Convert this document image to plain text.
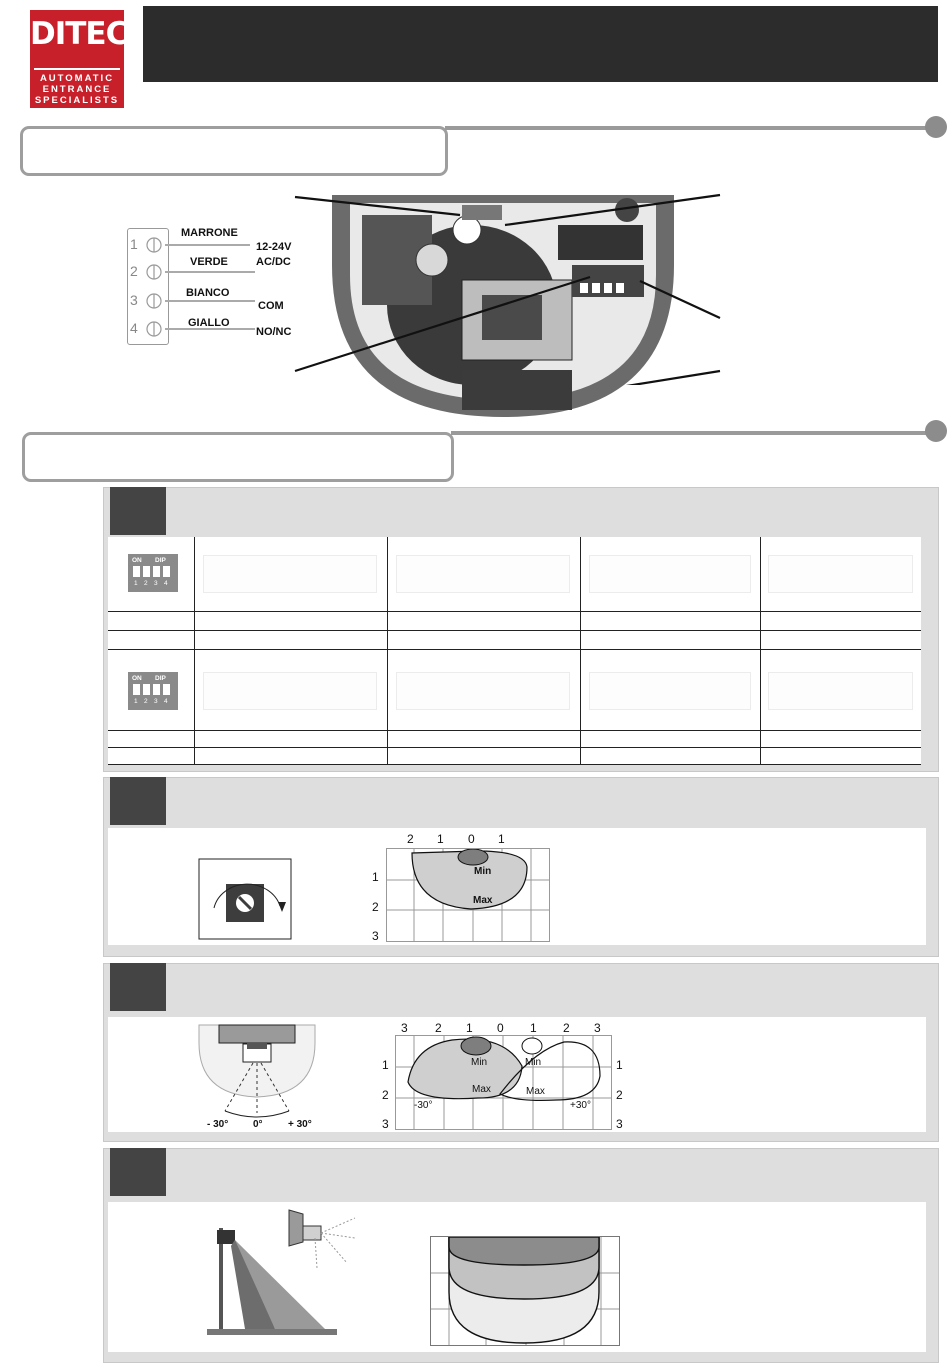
DITEC
AUTOMATIC
ENTRANCE
SPECIALISTS
1
2
3
4
MARRONE
VERDE
BIANCO
GIALLO
12-24V
AC/DC
COM
NO/NC
ON DIP
1 2 3 4
ON DIP
1 2 3 4
2 1 0 1
1
2
3
Min
Max
- 30° 0°	+ 30°
3 2 1 0 1 2 3
1
2
3
1
2
3
Min	Min
Max	Max
-30°	+30°
